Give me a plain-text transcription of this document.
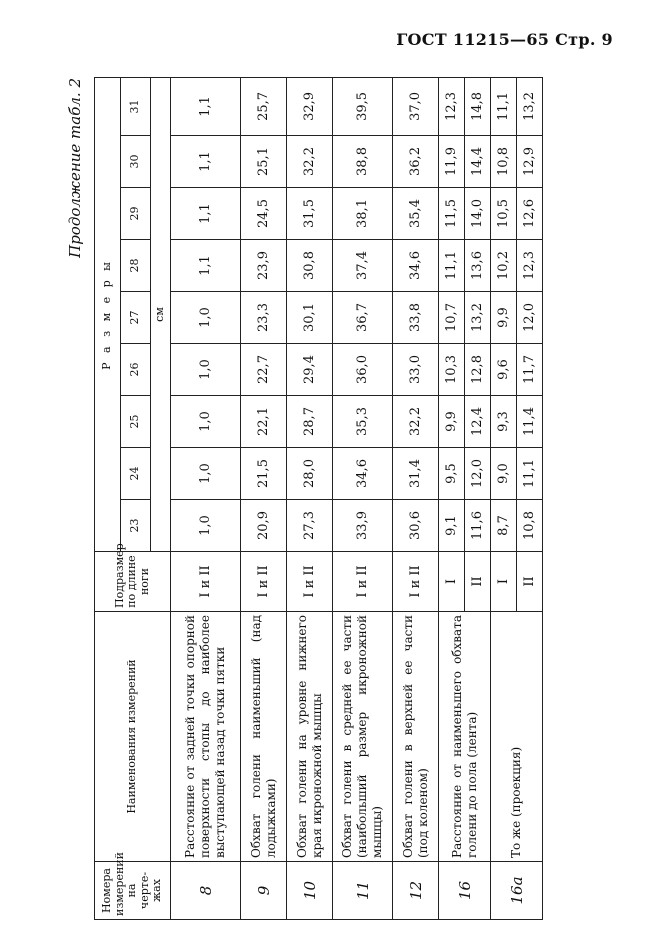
ГОСТ 11215—65 Стр. 9
Продолжение табл. 2
Номера измерений на черте-жах	Наименования измерений	Подразмер по длине ноги	Р а з м е р ы								
			23	24	25	26	27	28	29	30	31
			см								
8	Расстояние от задней точки опорной поверхности стопы до наиболее выступающей назад точки пятки	I и II	1,0	1,0	1,0	1,0	1,0	1,1	1,1	1,1	1,1
9	Обхват голени наименьший (над лодыжками)	I и II	20,9	21,5	22,1	22,7	23,3	23,9	24,5	25,1	25,7
10	Обхват голени на уровне нижнего края икроножной мышцы	I и II	27,3	28,0	28,7	29,4	30,1	30,8	31,5	32,2	32,9
11	Обхват голени в средней ее части (наибольший размер икроножной мышцы)	I и II	33,9	34,6	35,3	36,0	36,7	37,4	38,1	38,8	39,5
12	Обхват голени в верхней ее части (под коленом)	I и II	30,6	31,4	32,2	33,0	33,8	34,6	35,4	36,2	37,0
16	Расстояние от наименьшего обхвата голени до пола (лента)	I	9,1	9,5	9,9	10,3	10,7	11,1	11,5	11,9	12,3
		II	11,6	12,0	12,4	12,8	13,2	13,6	14,0	14,4	14,8
16а	То же (проекция)	I	8,7	9,0	9,3	9,6	9,9	10,2	10,5	10,8	11,1
		II	10,8	11,1	11,4	11,7	12,0	12,3	12,6	12,9	13,2
